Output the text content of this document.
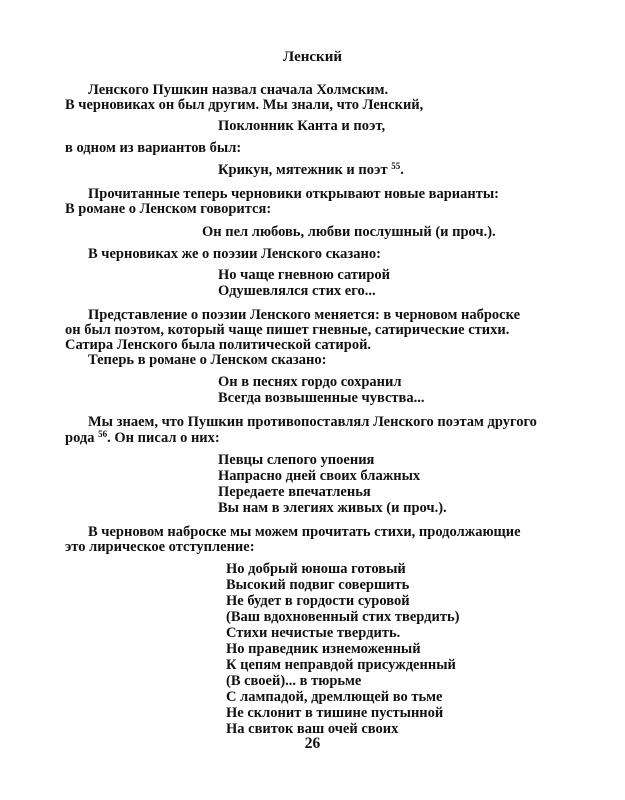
Ленский
Ленского Пушкин назвал сначала Холмским.
В черновиках он был другим. Мы знали, что Ленский,
Поклонник Канта и поэт,
в одном из вариантов был:
Крикун, мятежник и поэт $^{55}$.
Прочитанные теперь черновики открывают новые варианты:
В романе о Ленском говорится:
Он пел любовь, любви послушный (и проч.).
В черновиках же о поэзии Ленского сказано:
Но чаще гневною сатирой
Одушевлялся стих его...
Представление о поэзии Ленского меняется: в черновом наброске
он был поэтом, который чаще пишет гневные, сатирические стихи.
Сатира Ленского была политической сатирой.
Теперь в романе о Ленском сказано:
Он в песнях гордо сохранил
Всегда возвышенные чувства...
Мы знаем, что Пушкин противопоставлял Ленского поэтам другого
рода $^{56}$. Он писал о них:
Певцы слепого упоения
Напрасно дней своих блажных
Передаете впечатленья
Вы нам в элегиях живых (и проч.).
В черновом наброске мы можем прочитать стихи, продолжающие
это лирическое отступление:
Но добрый юноша готовый
Высокий подвиг совершить
Не будет в гордости суровой
(Ваш вдохновенный стих твердить)
Стихи нечистые твердить.
Но праведник изнеможенный
К цепям неправдой присужденный
(В своей)... в тюрьме
С лампадой, дремлющей во тьме
Не склонит в тишине пустынной
На свиток ваш очей своих
26
